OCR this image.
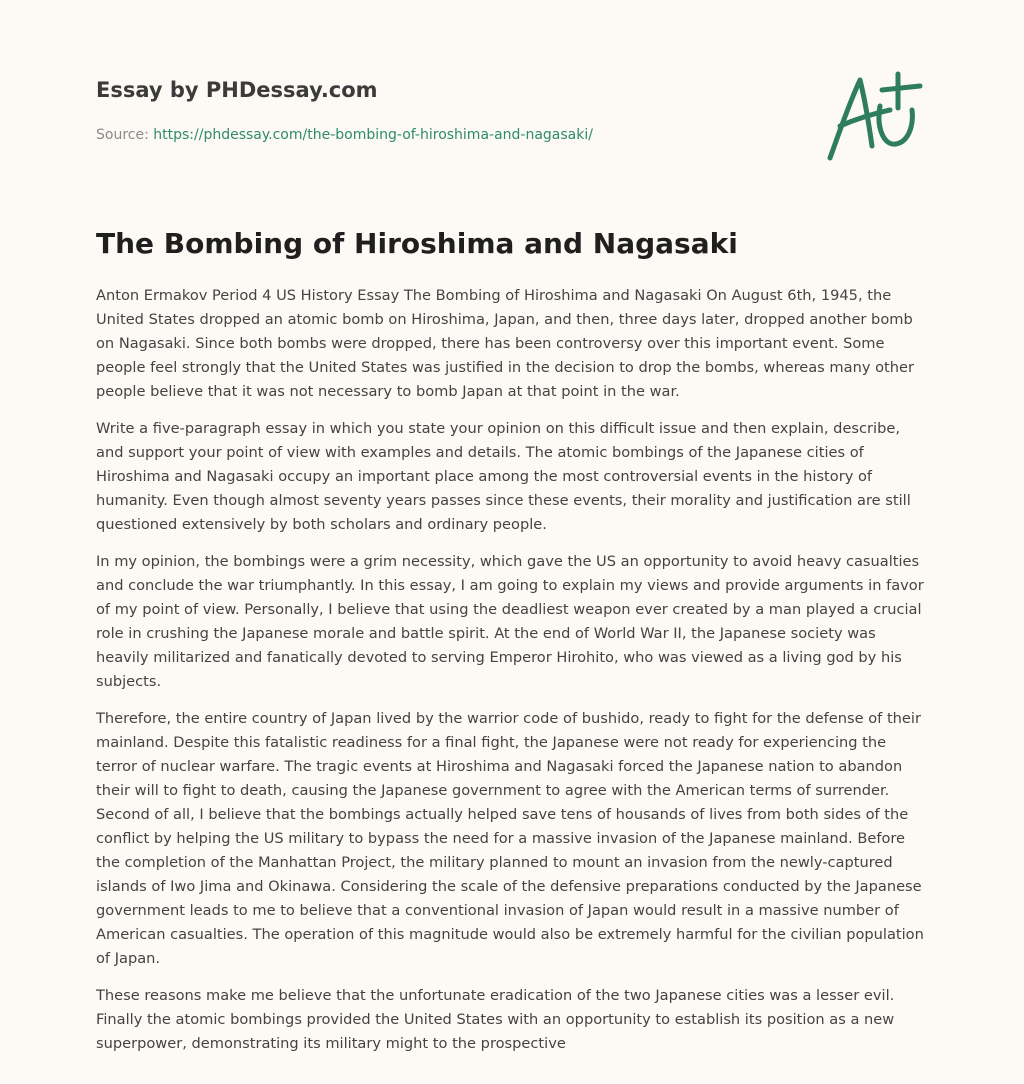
Essay by PHDessay.com
Source: https://phdessay.com/the-bombing-of-hiroshima-and-nagasaki/
The Bombing of Hiroshima and Nagasaki

Anton Ermakov Period 4 US History Essay The Bombing of Hiroshima and Nagasaki On August 6th, 1945, the United States dropped an atomic bomb on Hiroshima, Japan, and then, three days later, dropped another bomb on Nagasaki. Since both bombs were dropped, there has been controversy over this important event. Some people feel strongly that the United States was justified in the decision to drop the bombs, whereas many other people believe that it was not necessary to bomb Japan at that point in the war.

Write a five-paragraph essay in which you state your opinion on this difficult issue and then explain, describe, and support your point of view with examples and details. The atomic bombings of the Japanese cities of Hiroshima and Nagasaki occupy an important place among the most controversial events in the history of humanity. Even though almost seventy years passes since these events, their morality and justification are still questioned extensively by both scholars and ordinary people.

In my opinion, the bombings were a grim necessity, which gave the US an opportunity to avoid heavy casualties and conclude the war triumphantly. In this essay, I am going to explain my views and provide arguments in favor of my point of view. Personally, I believe that using the deadliest weapon ever created by a man played a crucial role in crushing the Japanese morale and battle spirit. At the end of World War II, the Japanese society was heavily militarized and fanatically devoted to serving Emperor Hirohito, who was viewed as a living god by his subjects.

Therefore, the entire country of Japan lived by the warrior code of bushido, ready to fight for the defense of their mainland. Despite this fatalistic readiness for a final fight, the Japanese were not ready for experiencing the terror of nuclear warfare. The tragic events at Hiroshima and Nagasaki forced the Japanese nation to abandon their will to fight to death, causing the Japanese government to agree with the American terms of surrender. Second of all, I believe that the bombings actually helped save tens of housands of lives from both sides of the conflict by helping the US military to bypass the need for a massive invasion of the Japanese mainland. Before the completion of the Manhattan Project, the military planned to mount an invasion from the newly-captured islands of Iwo Jima and Okinawa. Considering the scale of the defensive preparations conducted by the Japanese government leads to me to believe that a conventional invasion of Japan would result in a massive number of American casualties. The operation of this magnitude would also be extremely harmful for the civilian population of Japan.

These reasons make me believe that the unfortunate eradication of the two Japanese cities was a lesser evil. Finally the atomic bombings provided the United States with an opportunity to establish its position as a new superpower, demonstrating its military might to the prospective
